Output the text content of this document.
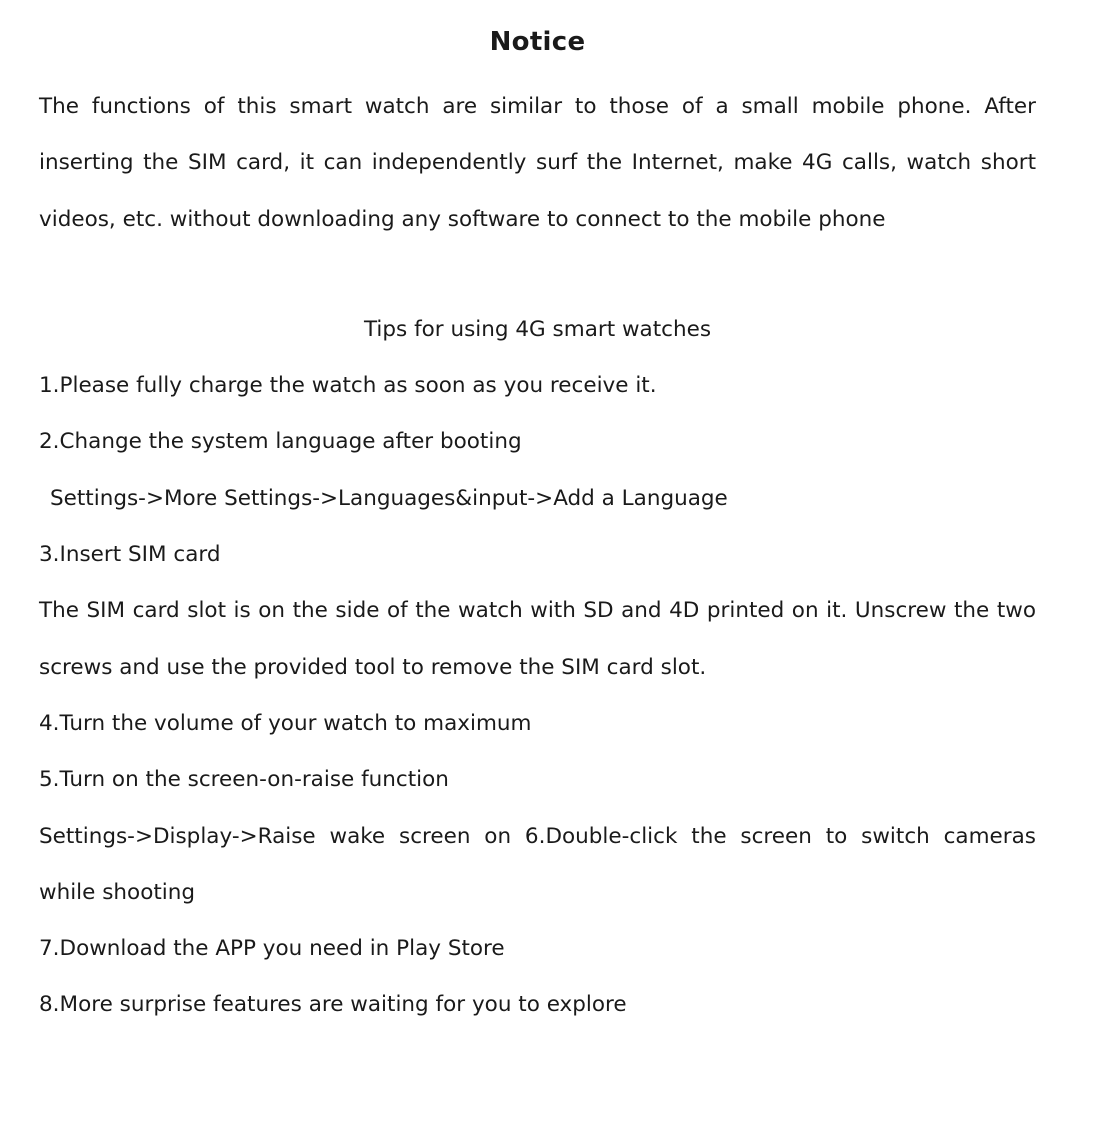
Notice

The functions of this smart watch are similar to those of a small mobile phone. After inserting the SIM card, it can independently surf the Internet, make 4G calls, watch short videos, etc. without downloading any software to connect to the mobile phone

Tips for using 4G smart watches
1.Please fully charge the watch as soon as you receive it.
2.Change the system language after booting
Settings->More Settings->Languages&input->Add a Language
3.Insert SIM card
The SIM card slot is on the side of the watch with SD and 4D printed on it. Unscrew the two screws and use the provided tool to remove the SIM card slot.
4.Turn the volume of your watch to maximum
5.Turn on the screen-on-raise function
Settings->Display->Raise wake screen on 6.Double-click the screen to switch cameras while shooting
7.Download the APP you need in Play Store
8.More surprise features are waiting for you to explore
